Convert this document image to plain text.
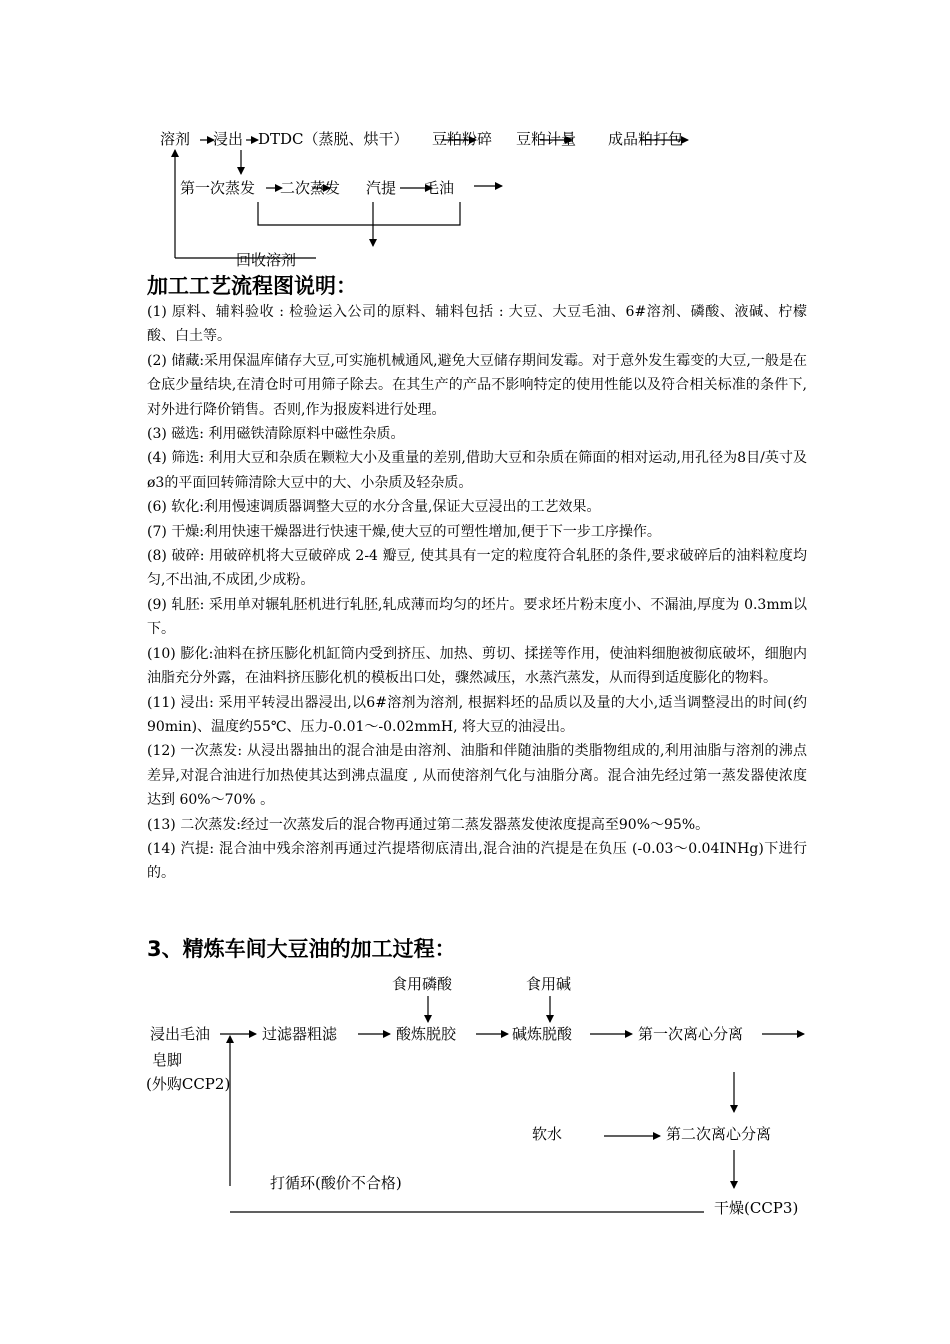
溶剂 浸出 DTDC（蒸脱、烘干） 豆粕粉碎 豆粕计量 成品粕打包
第一次蒸发 二次蒸发 汽提 毛油
回收溶剂
加工工艺流程图说明：

(1) 原料、辅料验收 : 检验运入公司的原料、辅料包括 : 大豆、大豆毛油、6#溶剂、磷酸、液碱、柠檬酸、白土等。

(2) 储藏:采用保温库储存大豆,可实施机械通风,避免大豆储存期间发霉。对于意外发生霉变的大豆,一般是在仓底少量结块,在清仓时可用筛子除去。在其生产的产品不影响特定的使用性能以及符合相关标准的条件下,对外进行降价销售。否则,作为报废料进行处理。

(3) 磁选: 利用磁铁清除原料中磁性杂质。

(4) 筛选: 利用大豆和杂质在颗粒大小及重量的差别,借助大豆和杂质在筛面的相对运动,用孔径为8目/英寸及ø3的平面回转筛清除大豆中的大、小杂质及轻杂质。

(6) 软化:利用慢速调质器调整大豆的水分含量,保证大豆浸出的工艺效果。

(7) 干燥:利用快速干燥器进行快速干燥,使大豆的可塑性增加,便于下一步工序操作。

(8) 破碎: 用破碎机将大豆破碎成 2-4 瓣豆, 使其具有一定的粒度符合轧胚的条件,要求破碎后的油料粒度均匀,不出油,不成团,少成粉。

(9) 轧胚: 采用单对辗轧胚机进行轧胚,轧成薄而均匀的坯片。要求坯片粉末度小、不漏油,厚度为 0.3mm以下。

(10) 膨化:油料在挤压膨化机缸筒内受到挤压、加热、剪切、揉搓等作用，使油料细胞被彻底破坏，细胞内油脂充分外露，在油料挤压膨化机的模板出口处，骤然减压，水蒸汽蒸发，从而得到适度膨化的物料。

(11) 浸出: 采用平转浸出器浸出,以6#溶剂为溶剂, 根据料坯的品质以及量的大小,适当调整浸出的时间(约90min)、温度约55℃、压力-0.01～-0.02mmH, 将大豆的油浸出。

(12) 一次蒸发: 从浸出器抽出的混合油是由溶剂、油脂和伴随油脂的类脂物组成的,利用油脂与溶剂的沸点差异,对混合油进行加热使其达到沸点温度 , 从而使溶剂气化与油脂分离。混合油先经过第一蒸发器使浓度达到 60%～70% 。

(13) 二次蒸发:经过一次蒸发后的混合物再通过第二蒸发器蒸发使浓度提高至90%～95%。

(14) 汽提: 混合油中残余溶剂再通过汽提塔彻底清出,混合油的汽提是在负压 (-0.03～0.04INHg)下进行的。

3、精炼车间大豆油的加工过程：
食用磷酸	食用碱
浸出毛油	过滤器粗滤	酸炼脱胶	碱炼脱酸	第一次离心分离
皂脚
(外购CCP2)
软水	第二次离心分离
打循环(酸价不合格)
干燥(CCP3)
